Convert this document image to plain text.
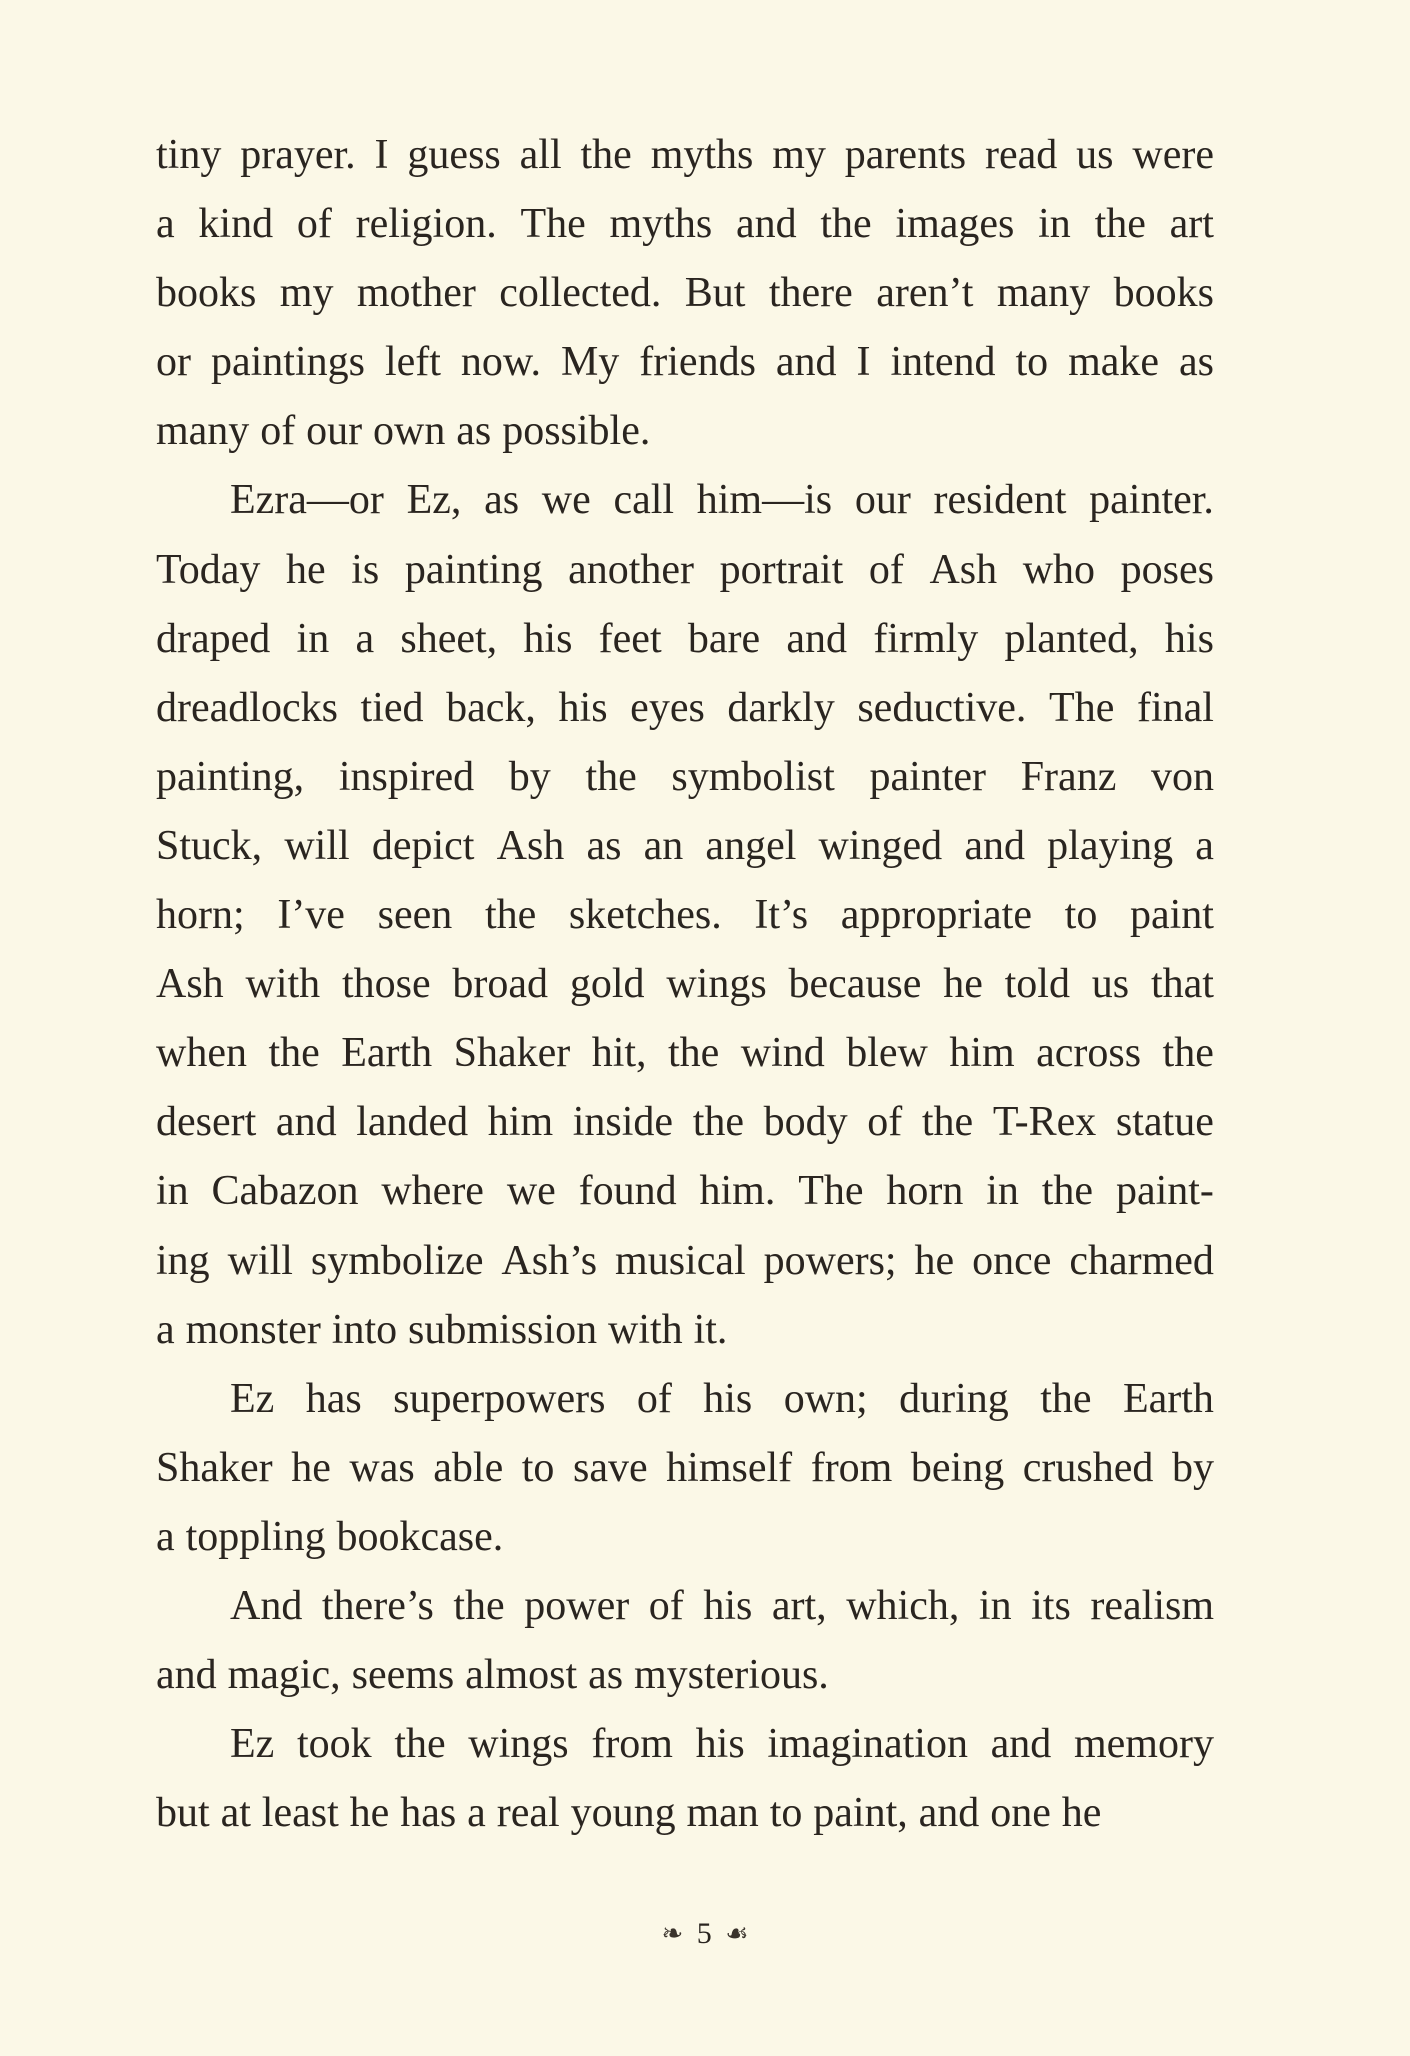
tiny prayer. I guess all the myths my parents read us were
a kind of religion. The myths and the images in the art
books my mother collected. But there aren’t many books
or paintings left now. My friends and I intend to make as
many of our own as possible.
Ezra—or Ez, as we call him—is our resident painter.
Today he is painting another portrait of Ash who poses
draped in a sheet, his feet bare and firmly planted, his
dreadlocks tied back, his eyes darkly seductive. The final
painting, inspired by the symbolist painter Franz von
Stuck, will depict Ash as an angel winged and playing a
horn; I’ve seen the sketches. It’s appropriate to paint
Ash with those broad gold wings because he told us that
when the Earth Shaker hit, the wind blew him across the
desert and landed him inside the body of the T-Rex statue
in Cabazon where we found him. The horn in the paint-
ing will symbolize Ash’s musical powers; he once charmed
a monster into submission with it.
Ez has superpowers of his own; during the Earth
Shaker he was able to save himself from being crushed by
a toppling bookcase.
And there’s the power of his art, which, in its realism
and magic, seems almost as mysterious.
Ez took the wings from his imagination and memory
but at least he has a real young man to paint, and one he
❧ 5 ☙
